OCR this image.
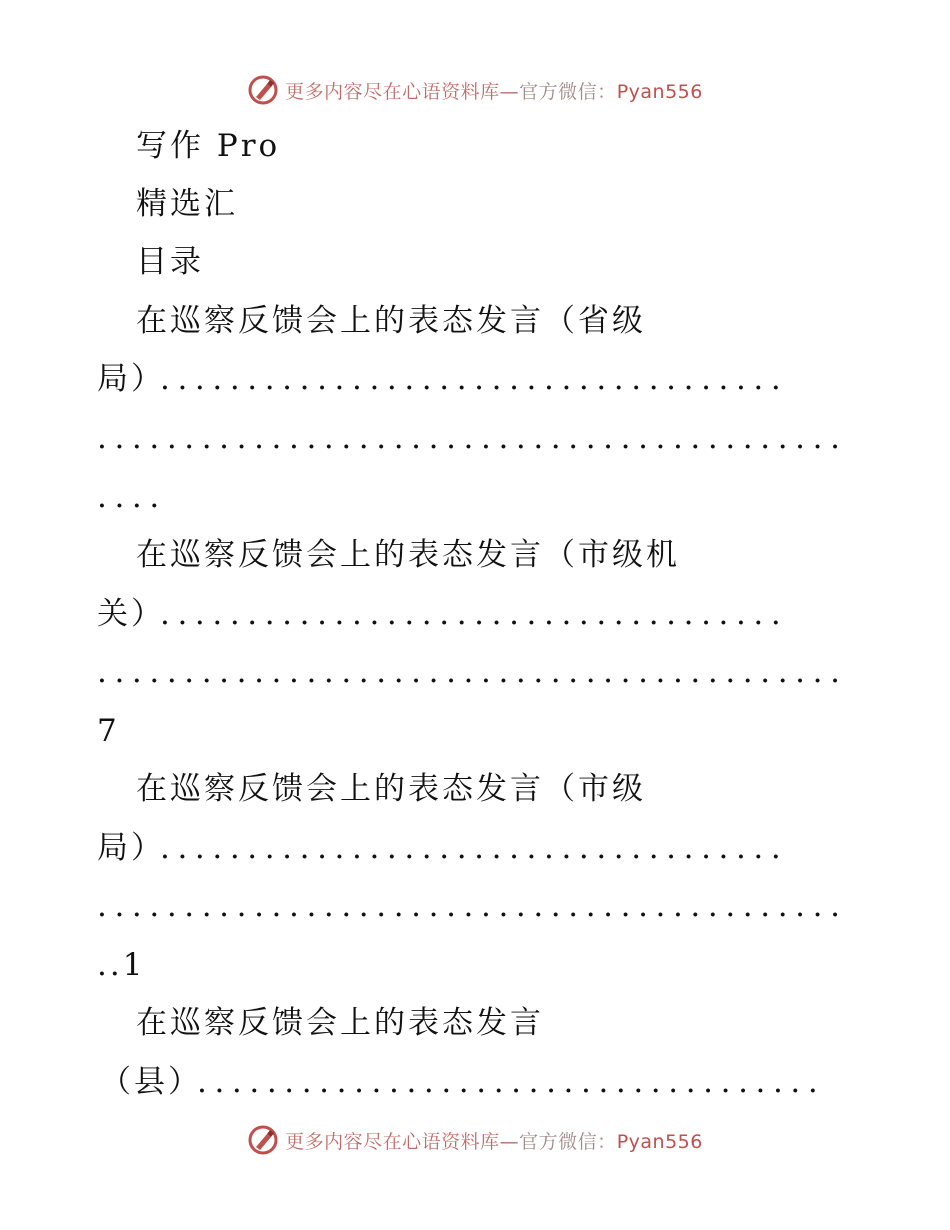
更多内容尽在心语资料库—官方微信：Pyan556
写作 Pro
精选汇
目录
在巡察反馈会上的表态发言（省级
局）
....................................
...........................................
....
在巡察反馈会上的表态发言（市级机
关）
....................................
...........................................
7
在巡察反馈会上的表态发言（市级
局）
....................................
...........................................
..1
在巡察反馈会上的表态发言
（县）
....................................
更多内容尽在心语资料库—官方微信：Pyan556
